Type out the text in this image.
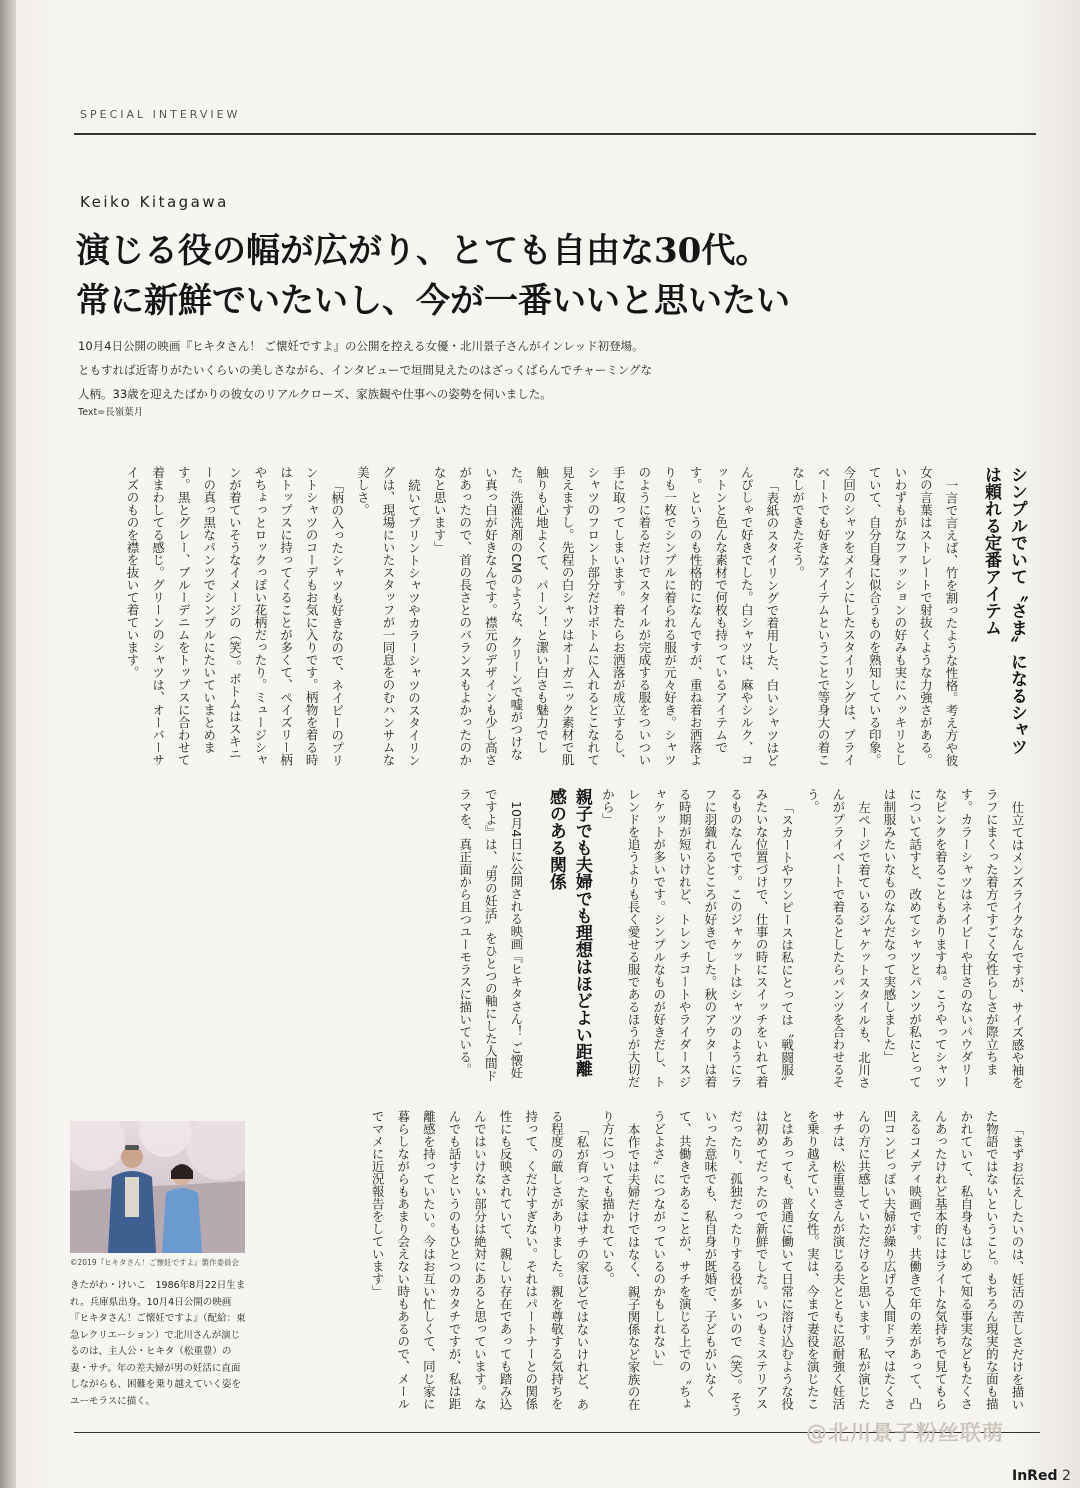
SPECIAL INTERVIEW
Keiko Kitagawa
演じる役の幅が広がり、とても自由な30代。
常に新鮮でいたいし、今が一番いいと思いたい
10月4日公開の映画『ヒキタさん！ ご懐妊ですよ』の公開を控える女優・北川景子さんがインレッド初登場。
ともすれば近寄りがたいくらいの美しさながら、インタビューで垣間見えたのはざっくばらんでチャーミングな
人柄。33歳を迎えたばかりの彼女のリアルクローズ、家族観や仕事への姿勢を伺いました。
Text=長嶺葉月

シンプルでいて〝さま〟になるシャツは頼れる定番アイテム

一言で言えば、竹を割ったような性格。考え方や彼女の言葉はストレートで射抜くような力強さがある。いわずもがなファッションの好みも実にハッキリとしていて、自分自身に似合うものを熟知している印象。今回のシャツをメインにしたスタイリングは、プライベートでも好きなアイテムということで等身大の着こなしができたそう。

「表紙のスタイリングで着用した、白いシャツはどんぴしゃで好きでした。白シャツは、麻やシルク、コットンと色んな素材で何枚も持っているアイテムです。というのも性格的になんですが、重ね着お洒落よりも一枚でシンプルに着られる服が元々好き。シャツのように着るだけでスタイルが完成する服をついつい手に取ってしまいます。着たらお洒落が成立するし、シャツのフロント部分だけボトムに入れるとこなれて見えますし。先程の白シャツはオーガニック素材で肌触りも心地よくて、パーン！と潔い白さも魅力でした。洗濯洗剤のCMのような、クリーンで嘘がつけない真っ白が好きなんです。襟元のデザインも少し高さがあったので、首の長さとのバランスもよかったのかなと思います」

続いてプリントシャツやカラーシャツのスタイリングは、現場にいたスタッフが一同息をのむハンサムな美しさ。

「柄の入ったシャツも好きなので、ネイビーのプリントシャツのコーデもお気に入りです。柄物を着る時はトップスに持ってくることが多くて、ペイズリー柄やちょっとロックっぽい花柄だったり。ミュージシャンが着ていそうなイメージの（笑）。ボトムはスキニーの真っ黒なパンツでシンプルにたいていまとめます。黒とグレー、ブルーデニムをトップスに合わせて着まわしてる感じ。グリーンのシャツは、オーバーサイズのものを襟を抜いて着ています。

仕立てはメンズライクなんですが、サイズ感や袖をラフにまくった着方ですごく女性らしさが際立ちます。カラーシャツはネイビーや甘さのないパウダリーなピンクを着ることもありますね。こうやってシャツについて話すと、改めてシャツとパンツが私にとっては制服みたいなものなんだなって実感しました」

左ページで着ているジャケットスタイルも、北川さんがプライベートで着るとしたらパンツを合わせるそう。

「スカートやワンピースは私にとっては〝戦闘服〟みたいな位置づけで、仕事の時にスイッチをいれて着るものなんです。このジャケットはシャツのようにラフに羽織れるところが好きでした。秋のアウターは着る時期が短いけれど、トレンチコートやライダースジャケットが多いです。シンプルなものが好きだし、トレンドを追うよりも長く愛せる服であるほうが大切だから」

親子でも夫婦でも理想はほどよい距離感のある関係

10月4日に公開される映画『ヒキタさん！ ご懐妊ですよ』は、〝男の妊活〟をひとつの軸にした人間ドラマを、真正面から且つユーモラスに描いている。

「まずお伝えしたいのは、妊活の苦しさだけを描いた物語ではないということ。もちろん現実的な面も描かれていて、私自身もはじめて知る事実などもたくさんあったけれど基本的にはライトな気持ちで見てもらえるコメディ映画です。共働きで年の差があって、凸凹コンビっぽい夫婦が繰り広げる人間ドラマはたくさんの方に共感していただけると思います。私が演じたサチは、松重豊さんが演じる夫とともに忍耐強く妊活を乗り越えていく女性。実は、今まで妻役を演じたことはあっても、普通に働いて日常に溶け込むような役は初めてだったので新鮮でした。いつもミステリアスだったり、孤独だったりする役が多いので（笑）。そういった意味でも、私自身が既婚で、子どもがいなくて、共働きであることが、サチを演じる上での〝ちょうどよさ〟につながっているのかもしれない」

本作では夫婦だけではなく、親子関係など家族の在り方についても描かれている。

「私が育った家はサチの家ほどではないけれど、ある程度の厳しさがありました。親を尊敬する気持ちを持って、くだけすぎない。それはパートナーとの関係性にも反映されていて、親しい存在であっても踏み込んではいけない部分は絶対にあると思っています。なんでも話すというのもひとつのカタチですが、私は距離感を持っていたい。今はお互い忙しくて、同じ家に暮らしながらもあまり会えない時もあるので、メールでマメに近況報告をしています」

©2019『ヒキタさん！ご懐妊ですよ』製作委員会
きたがわ・けいこ　1986年8月22日生まれ。兵庫県出身。10月4日公開の映画『ヒキタさん！ご懐妊ですよ』（配給：東急レクリエーション）で北川さんが演じるのは、主人公・ヒキタ（松重豊）の妻・サチ。年の差夫婦が男の妊活に直面しながらも、困難を乗り越えていく姿をユーモラスに描く。
@北川景子粉丝联萌
InRed 2
